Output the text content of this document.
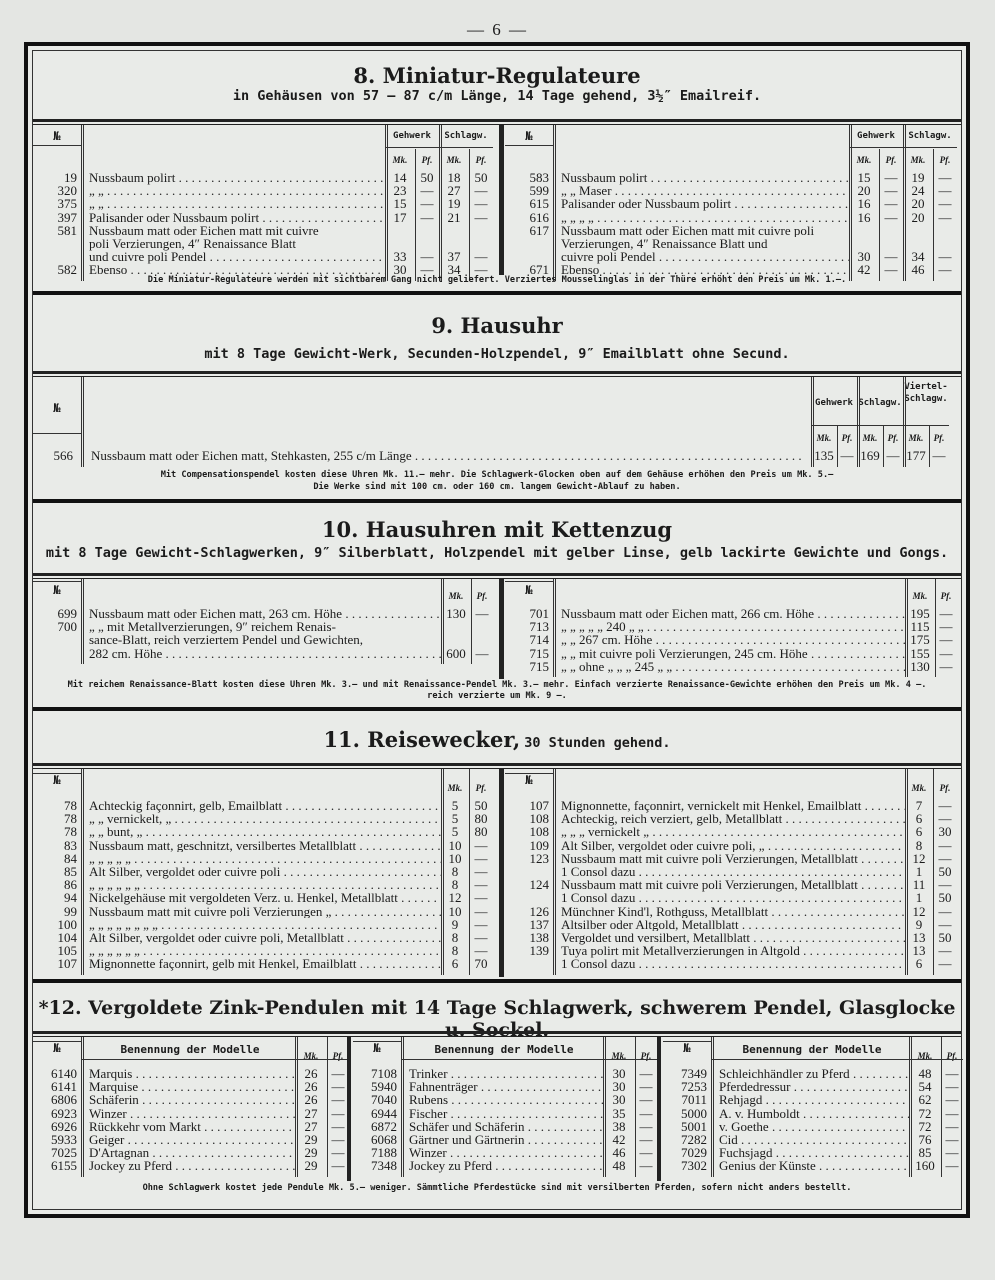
— 6 —
8. Miniatur-Regulateure
in Gehäusen von 57 — 87 c/m Länge, 14 Tage gehend, 3½″ Emailreif.
№
Mk.	Pf.	Mk.	Pf.
Gehwerk	Schlagw.
19 Nussbaum polirt . . .	14	50	18	50
320 „ „ . . .	23	—	27	—
375 „ „ . . .	15	—	19	—
397 Palisander oder Nussbaum polirt . . .	17	—	21	—
581 Nussbaum matt oder Eichen matt mit cuivre
poli Verzierungen, 4″ Renaissance Blatt
und cuivre poli Pendel . . .	33	—	37	—
582 Ebenso . . .	30	—	34	—
№
Mk.	Pf.	Mk.	Pf.
Gehwerk	Schlagw.
583 Nussbaum polirt . . .	15	—	19	—
599 „ „ Maser . . .	20	—	24	—
615 Palisander oder Nussbaum polirt . . .	16	—	20	—
616 „ „ „ „ . . .	16	—	20	—
617 Nussbaum matt oder Eichen matt mit cuivre poli
Verzierungen, 4″ Renaissance Blatt und
cuivre poli Pendel . . .	30	—	34	—
671 Ebenso . . .	42	—	46	—
Die Miniatur-Regulateure werden mit sichtbarem Gang nicht geliefert. Verziertes Mousselinglas in der Thüre erhöht den Preis um Mk. 1.—.
9. Hausuhr
mit 8 Tage Gewicht-Werk, Secunden-Holzpendel, 9″ Emailblatt ohne Secund.
№	Gehwerk Schlagw.
Viertel-Schlagw.
Mk.	Pf.	Mk.	Pf.	Mk.	Pf.
566 Nussbaum matt oder Eichen matt, Stehkasten, 255 c/m Länge . . .	135 — 169 — 177 —
Mit Compensationspendel kosten diese Uhren Mk. 11.— mehr. Die Schlagwerk-Glocken oben auf dem Gehäuse erhöhen den Preis um Mk. 5.—
Die Werke sind mit 100 cm. oder 160 cm. langem Gewicht-Ablauf zu haben.
10. Hausuhren mit Kettenzug
mit 8 Tage Gewicht-Schlagwerken, 9″ Silberblatt, Holzpendel mit gelber Linse, gelb lackirte Gewichte und Gongs.
№	Mk.	Pf.
699 Nussbaum matt oder Eichen matt, 263 cm. Höhe . . .	130 —
700 „ „ mit Metallverzierungen, 9″ reichem Renais-
sance-Blatt, reich verziertem Pendel und Gewichten,
282 cm. Höhe . . .	600 —
№	Mk.	Pf.
701 Nussbaum matt oder Eichen matt, 266 cm. Höhe . . .	195 —
713 „ „ „ „ „ 240 „ „ . . .	115 —
714 „ „ 267 cm. Höhe . . .	175 —
715 „ „ mit cuivre poli Verzierungen, 245 cm. Höhe . . .	155 —
715 „ „ ohne „ „ „ 245 „ „ . . .	130 —
Mit reichem Renaissance-Blatt kosten diese Uhren Mk. 3.— und mit Renaissance-Pendel Mk. 3.— mehr. Einfach verzierte Renaissance-Gewichte erhöhen den Preis um Mk. 4 —.
reich verzierte um Mk. 9 —.
11. Reisewecker, 30 Stunden gehend.
№
Mk.	Pf.
78 Achteckig façonnirt, gelb, Emailblatt . . .	5	50
78 „ „ vernickelt, „ . . .	5	80
78 „ „ bunt, „ . . .	5	80
83 Nussbaum matt, geschnitzt, versilbertes Metallblatt . . .	10	—
84 „ „ „ „ „ . . .	10	—
85 Alt Silber, vergoldet oder cuivre poli . . .	8	—
86 „ „ „ „ „ „ . . .	8	—
94 Nickelgehäuse mit vergoldeten Verz. u. Henkel, Metallblatt . . .	12	—
99 Nussbaum matt mit cuivre poli Verzierungen „ . . .	10	—
100 „ „ „ „ „ „ „ „ . . .	9	—
104 Alt Silber, vergoldet oder cuivre poli, Metallblatt . . .	8	—
105 „ „ „ „ „ „ . . .	8	—
107 Mignonnette façonnirt, gelb mit Henkel, Emailblatt . . .	6	70
№
Mk.	Pf.
107 Mignonnette, façonnirt, vernickelt mit Henkel, Emailblatt . . .	7	—
108 Achteckig, reich verziert, gelb, Metallblatt . . .	6	—
108 „ „ „ vernickelt „ . . .	6	30
109 Alt Silber, vergoldet oder cuivre poli, „ . . .	8	—
123 Nussbaum matt mit cuivre poli Verzierungen, Metallblatt . . .	12	—
1 Consol dazu . . .	1	50
124 Nussbaum matt mit cuivre poli Verzierungen, Metallblatt . . .	11	—
1 Consol dazu . . .	1	50
126 Münchner Kind'l, Rothguss, Metallblatt . . .	12	—
137 Altsilber oder Altgold, Metallblatt . . .	9	—
138 Vergoldet und versilbert, Metallblatt . . .	13	50
139 Tuya polirt mit Metallverzierungen in Altgold . . .	13	—
1 Consol dazu . . .	6	—
*12. Vergoldete Zink-Pendulen mit 14 Tage Schlagwerk, schwerem Pendel, Glasglocke u. Sockel.
№
Mk.	Pf.
6140 Marquis . . .	26	—
6141 Marquise . . .	26	—
6806 Schäferin . . .	26	—
6923 Winzer . . .	27	—
6926 Rückkehr vom Markt . . .	27	—
5933 Geiger . . .	29	—
7025 D'Artagnan . . .	29	—
6155 Jockey zu Pferd . . .	29	—
Benennung der Modelle	№
Mk.	Pf.
7108 Trinker . . .	30	—
5940 Fahnenträger . . .	30	—
7040 Rubens . . .	30	—
6944 Fischer . . .	35	—
6872 Schäfer und Schäferin . . .	38	—
6068 Gärtner und Gärtnerin . . .	42	—
7188 Winzer . . .	46	—
7348 Jockey zu Pferd . . .	48	—
Benennung der Modelle	№
Mk.	Pf.
7349 Schleichhändler zu Pferd . . .	48	—
7253 Pferdedressur . . .	54	—
7011 Rehjagd . . .	62	—
5000 A. v. Humboldt . . .	72	—
5001 v. Goethe . . .	72	—
7282 Cid . . .	76	—
7029 Fuchsjagd . . .	85	—
7302 Genius der Künste . . .	160 —
Benennung der Modelle
Ohne Schlagwerk kostet jede Pendule Mk. 5.— weniger. Sämmtliche Pferdestücke sind mit versilberten Pferden, sofern nicht anders bestellt.
